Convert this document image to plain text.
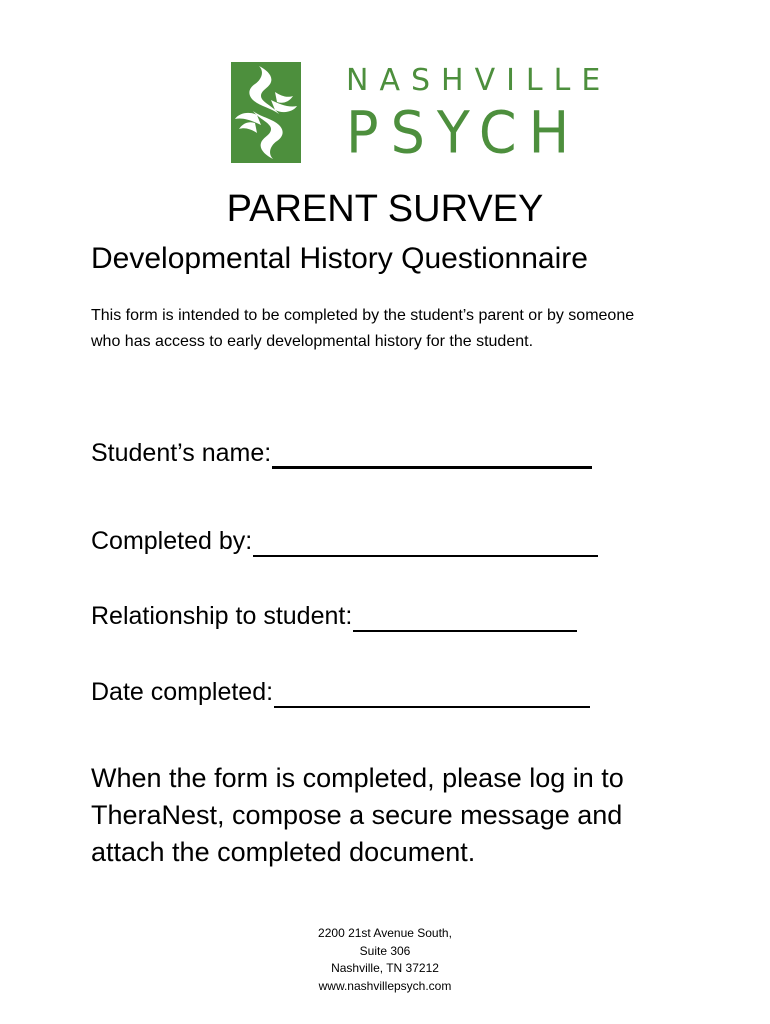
NASHVILLE
PSYCH
PARENT SURVEY
Developmental History Questionnaire
This form is intended to be completed by the student’s parent or by someone who has access to early developmental history for the student.
Student’s name:
Completed by:
Relationship to student:
Date completed:
When the form is completed, please log in to TheraNest, compose a secure message and attach the completed document.
2200 21st Avenue South,
Suite 306
Nashville, TN 37212
www.nashvillepsych.com
